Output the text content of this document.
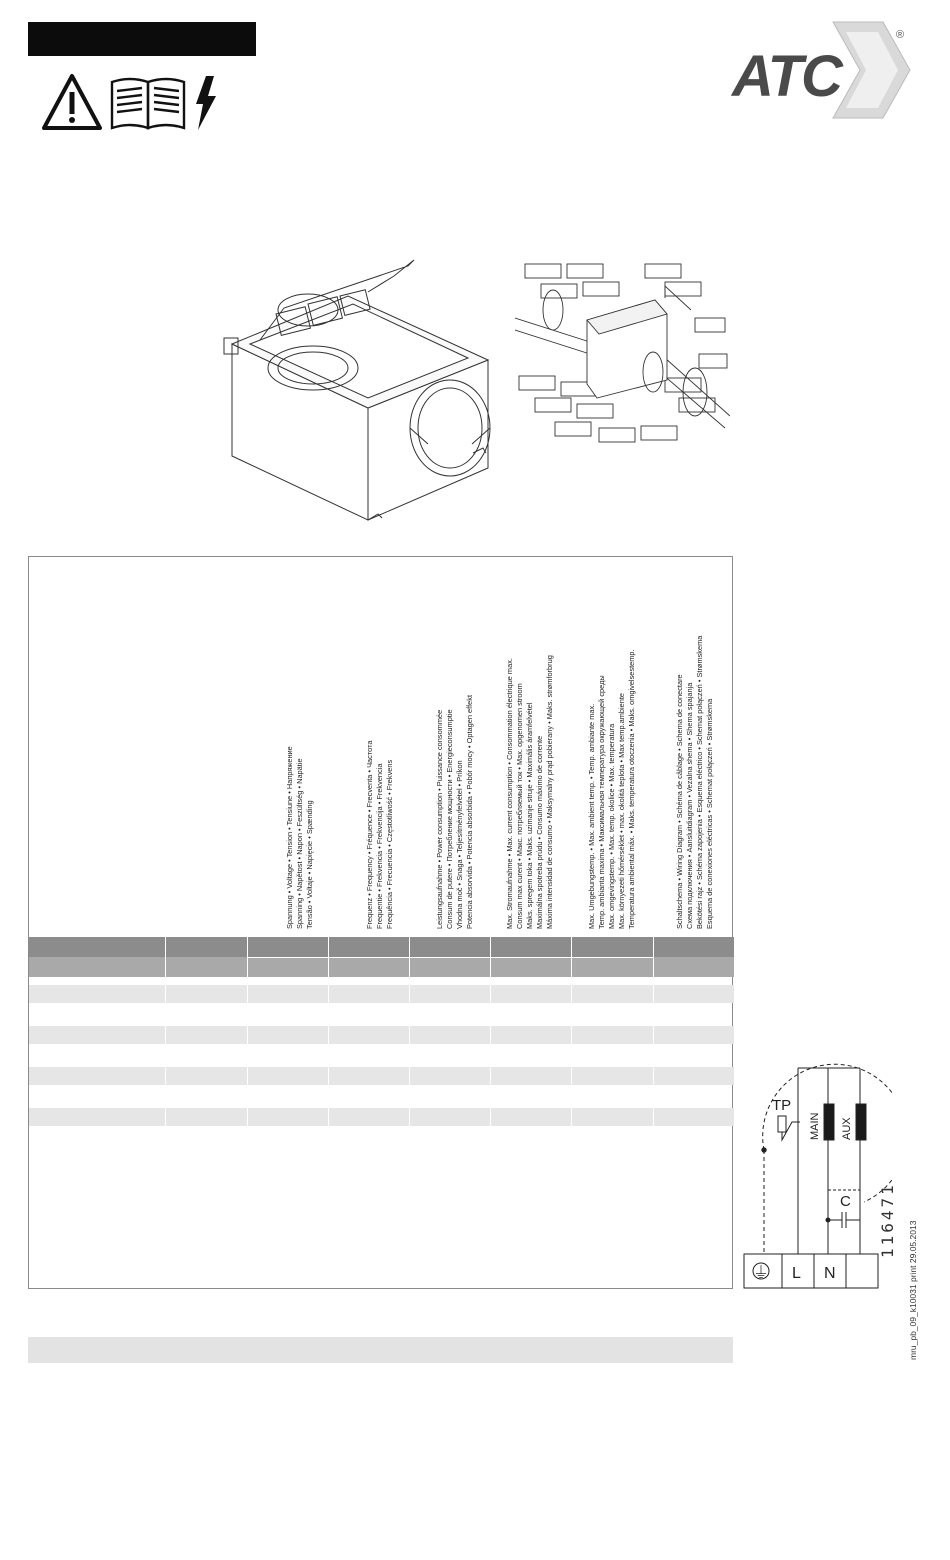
ATC
®
Spannung • Voltage • Tension • Tensiune • Напряжение Spanning • Napětost • Napon • Feszültség • Napätie Tensão • Voltaje • Napięcie • Spænding	Frequenz • Frequency • Fréquence • Frecventa • Частота Frequentie • Frekvencia • Frekvencija • Frekvencia Frequência • Frecuencia • Częstotliwość • Frekvens	Leistungsaufnahme • Power consumption • Puissance consommée Consum de putere • Потребление мощности • Energieconsumptie Vhodna moč • Snaga • Teljesítményfelvétel • Príkon Potencia absorvida • Potencia absorbida • Pobór mocy • Optagen effekt	Max. Stromaufnahme • Max. current consumption • Consommation électrique max. Consum max curent • Макс. потребляемый ток • Max. opgenomen stroom Maks. spregem toka • Maks. uzimanje struje • Maximális áramfelvétel Maximálna spotreba prúdu • Consumo máximo de corrente Máxima intensidad de consumo • Maksymalny prąd pobierany • Maks. strømforbrug	Max. Umgebungstemp. • Max. ambient temp. • Temp. ambiante max. Temp. ambianta maxima • Максимальная температура окружающей среды Max. omgevingstemp. • Max. temp. okolice • Max. temperatura Max. környezeti hőmérséklet • max. okolitá teplota • Max temp.ambiente Temperatura ambiental máx. • Maks. temperatura otoczenia • Maks. omgivelsestemp.	Schaltschema • Wiring Diagram • Schéma de câblage • Schema de conectare Схема подключения • Aansluitdiagram • Vezalna shema • Shema spajanja Bekötési rajz • Schéma zapojenia • Esquema eléctrico • Schemat połączeń • Strømskema Esquema de conexiones eléctricas • Schemat połączeń • Strømskema
TP
MAIN AUX
C
⏚ L N
116471
mru_pb_09_k10031 print 29.05.2013
